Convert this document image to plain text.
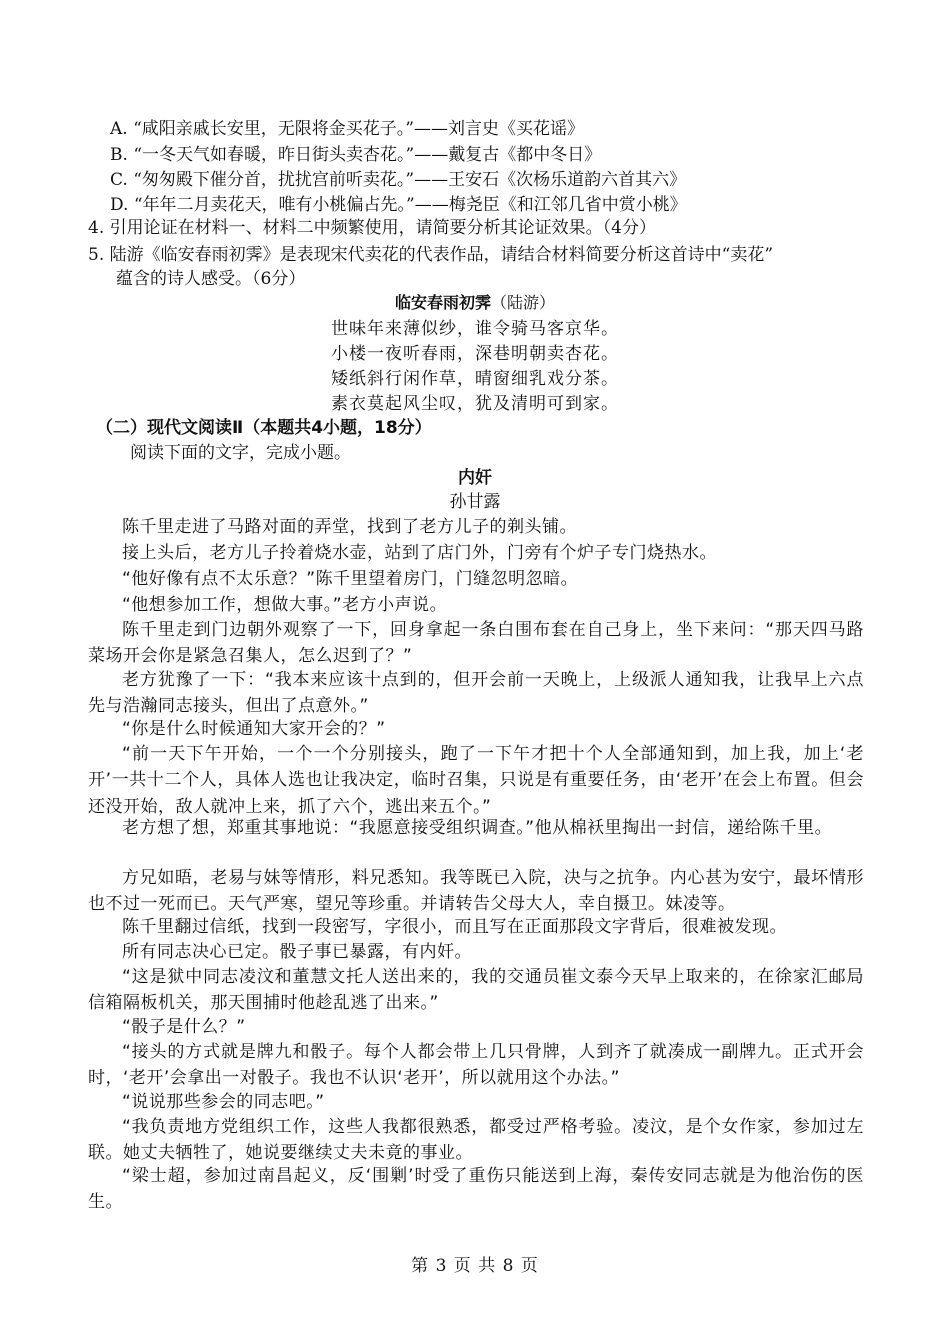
A. “咸阳亲戚长安里，无限将金买花子。”——刘言史《买花谣》
B. “一冬天气如春暖，昨日街头卖杏花。”——戴复古《都中冬日》
C. “匆匆殿下催分首，扰扰宫前听卖花。”——王安石《次杨乐道韵六首其六》
D. “年年二月卖花天，唯有小桃偏占先。”——梅尧臣《和江邻几省中赏小桃》
4. 引用论证在材料一、材料二中频繁使用，请简要分析其论证效果。（4分）
5. 陆游《临安春雨初霁》是表现宋代卖花的代表作品，请结合材料简要分析这首诗中“卖花”
蕴含的诗人感受。（6分）
临安春雨初霁（陆游）
世味年来薄似纱，谁令骑马客京华。
小楼一夜听春雨，深巷明朝卖杏花。
矮纸斜行闲作草，晴窗细乳戏分茶。
素衣莫起风尘叹，犹及清明可到家。
（二）现代文阅读Ⅱ（本题共4小题，18分）
阅读下面的文字，完成小题。
内奸
孙甘露
陈千里走进了马路对面的弄堂，找到了老方儿子的剃头铺。
接上头后，老方儿子拎着烧水壶，站到了店门外，门旁有个炉子专门烧热水。
“他好像有点不太乐意？”陈千里望着房门，门缝忽明忽暗。
“他想参加工作，想做大事。”老方小声说。
陈千里走到门边朝外观察了一下，回身拿起一条白围布套在自己身上，坐下来问：“那天四马路菜场开会你是紧急召集人，怎么迟到了？”
老方犹豫了一下：“我本来应该十点到的，但开会前一天晚上，上级派人通知我，让我早上六点先与浩瀚同志接头，但出了点意外。”
“你是什么时候通知大家开会的？”
“前一天下午开始，一个一个分别接头，跑了一下午才把十个人全部通知到，加上我，加上‘老开’一共十二个人，具体人选也让我决定，临时召集，只说是有重要任务，由‘老开’在会上布置。但会还没开始，敌人就冲上来，抓了六个，逃出来五个。”
老方想了想，郑重其事地说：“我愿意接受组织调查。”他从棉袄里掏出一封信，递给陈千里。
方兄如晤，老易与妹等情形，料兄悉知。我等既已入院，决与之抗争。内心甚为安宁，最坏情形也不过一死而已。天气严寒，望兄等珍重。并请转告父母大人，幸自摄卫。妹凌等。
陈千里翻过信纸，找到一段密写，字很小，而且写在正面那段文字背后，很难被发现。
所有同志决心已定。骰子事已暴露，有内奸。
“这是狱中同志凌汶和董慧文托人送出来的，我的交通员崔文泰今天早上取来的，在徐家汇邮局信箱隔板机关，那天围捕时他趁乱逃了出来。”
“骰子是什么？”
“接头的方式就是牌九和骰子。每个人都会带上几只骨牌，人到齐了就凑成一副牌九。正式开会时，‘老开’会拿出一对骰子。我也不认识‘老开’，所以就用这个办法。”
“说说那些参会的同志吧。”
“我负责地方党组织工作，这些人我都很熟悉，都受过严格考验。凌汶，是个女作家，参加过左联。她丈夫牺牲了，她说要继续丈夫未竟的事业。
“梁士超，参加过南昌起义，反‘围剿’时受了重伤只能送到上海，秦传安同志就是为他治伤的医生。
第 3 页 共 8 页
